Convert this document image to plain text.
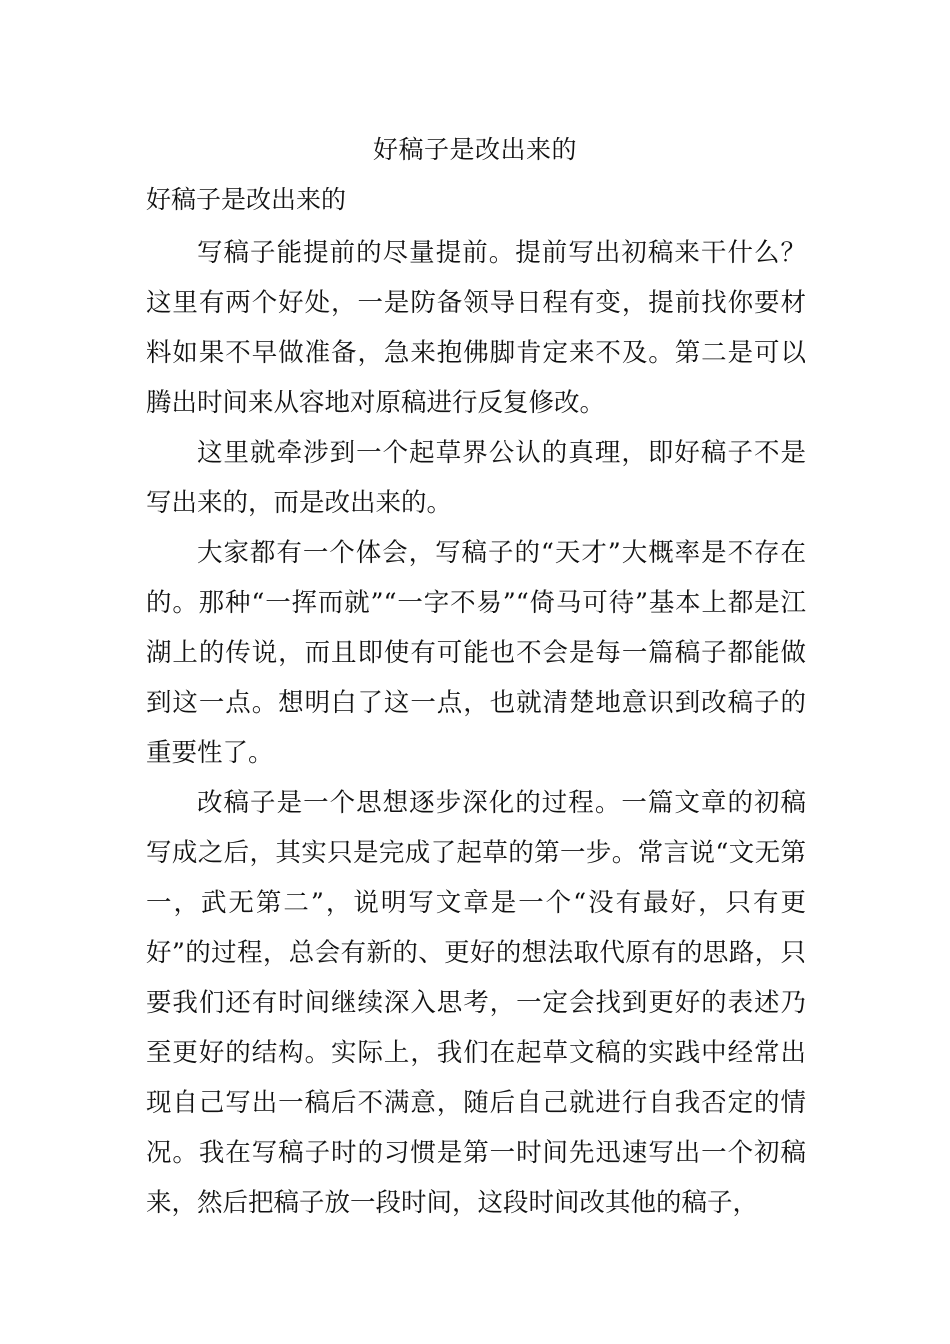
好稿子是改出来的
好稿子是改出来的

写稿子能提前的尽量提前。提前写出初稿来干什么？这里有两个好处，一是防备领导日程有变，提前找你要材料如果不早做准备，急来抱佛脚肯定来不及。第二是可以腾出时间来从容地对原稿进行反复修改。

这里就牵涉到一个起草界公认的真理，即好稿子不是写出来的，而是改出来的。

大家都有一个体会，写稿子的“天才”大概率是不存在的。那种“一挥而就”“一字不易”“倚马可待”基本上都是江湖上的传说，而且即使有可能也不会是每一篇稿子都能做到这一点。想明白了这一点，也就清楚地意识到改稿子的重要性了。

改稿子是一个思想逐步深化的过程。一篇文章的初稿写成之后，其实只是完成了起草的第一步。常言说“文无第一，武无第二”，说明写文章是一个“没有最好，只有更好”的过程，总会有新的、更好的想法取代原有的思路，只要我们还有时间继续深入思考，一定会找到更好的表述乃至更好的结构。实际上，我们在起草文稿的实践中经常出现自己写出一稿后不满意，随后自己就进行自我否定的情况。我在写稿子时的习惯是第一时间先迅速写出一个初稿来，然后把稿子放一段时间，这段时间改其他的稿子，
